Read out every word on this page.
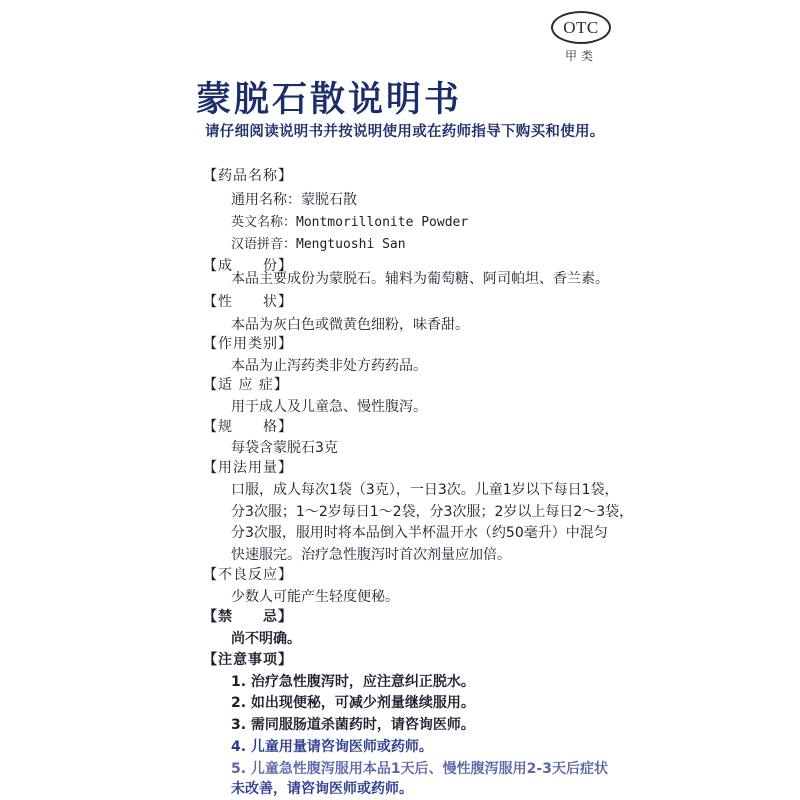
OTC
甲类
蒙脱石散说明书
请仔细阅读说明书并按说明使用或在药师指导下购买和使用。
【药品名称】
通用名称：蒙脱石散
英文名称：Montmorillonite Powder
汉语拼音：Mengtuoshi San
【成　　份】
本品主要成份为蒙脱石。辅料为葡萄糖、阿司帕坦、香兰素。
【性　　状】
本品为灰白色或微黄色细粉，味香甜。
【作用类别】
本品为止泻药类非处方药药品。
【适 应 症】
用于成人及儿童急、慢性腹泻。
【规　　格】
每袋含蒙脱石3克
【用法用量】
口服，成人每次1袋（3克），一日3次。儿童1岁以下每日1袋，
分3次服；1～2岁每日1～2袋，分3次服；2岁以上每日2～3袋，
分3次服，服用时将本品倒入半杯温开水（约50毫升）中混匀
快速服完。治疗急性腹泻时首次剂量应加倍。
【不良反应】
少数人可能产生轻度便秘。
【禁　　忌】
尚不明确。
【注意事项】
1. 治疗急性腹泻时，应注意纠正脱水。
2. 如出现便秘，可减少剂量继续服用。
3. 需同服肠道杀菌药时，请咨询医师。
4. 儿童用量请咨询医师或药师。
5. 儿童急性腹泻服用本品1天后、慢性腹泻服用2-3天后症状
未改善，请咨询医师或药师。
